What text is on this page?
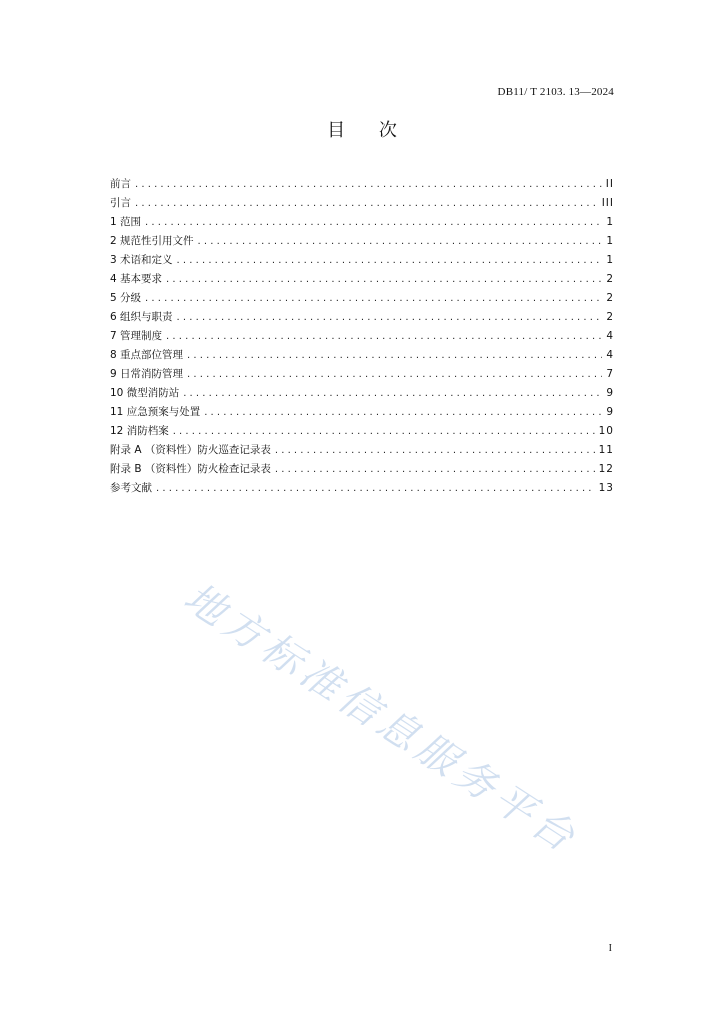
DB11/ T 2103. 13—2024
目 次
前言 . . .	II
引言 . . .	III
1 范围 . . .	1
2 规范性引用文件 . . .	1
3 术语和定义 . . .	1
4 基本要求 . . .	2
5 分级 . . .	2
6 组织与职责 . . .	2
7 管理制度 . . .	4
8 重点部位管理 . . .	4
9 日常消防管理 . . .	7
10 微型消防站 . . .	9
11 应急预案与处置 . . .	9
12 消防档案 . . .	10
附录 A （资料性）防火巡查记录表 . . .	11
附录 B （资料性）防火检查记录表 . . .	12
参考文献 . . .	13
地方标准信息服务平台
I
